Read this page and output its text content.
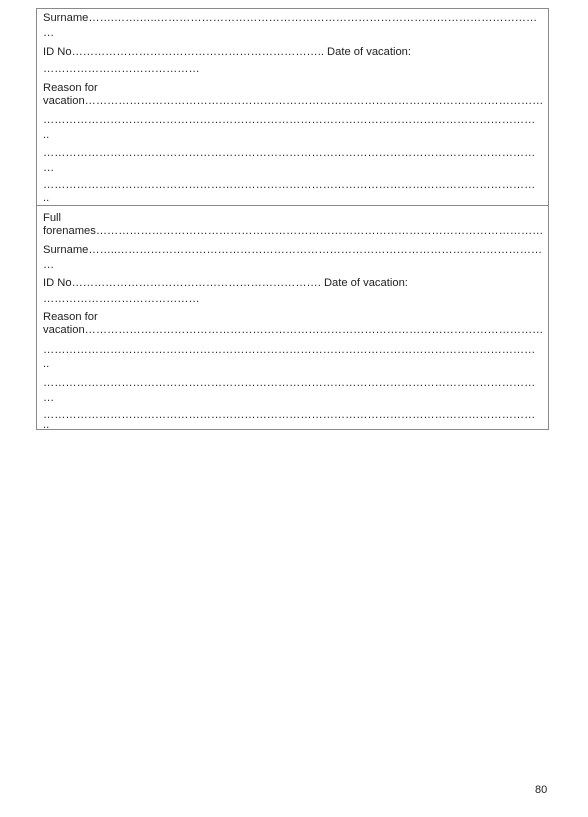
Surname…….…….…..…………………………………………………………………………………………
…
ID No………………………………………………………….. Date of vacation:
……………………………………
Reason for
vacation……………………………………………………………………………………………………………
……………………………………………………………………………………………………………………
..
……………………………………………………………………………………………………………………
…
……………………………………………………………………………………………………………………
..
Full
forenames…………………………………………………………………………………………………………
Surname……..……………………………………………………………………………………………………
…
ID No…………………………………………………………. Date of vacation:
……………………………………
Reason for
vacation……………………………………………………………………………………………………………
……………………………………………………………………………………………………………………
..
……………………………………………………………………………………………………………………
…
……………………………………………………………………………………………………………………
..
80
